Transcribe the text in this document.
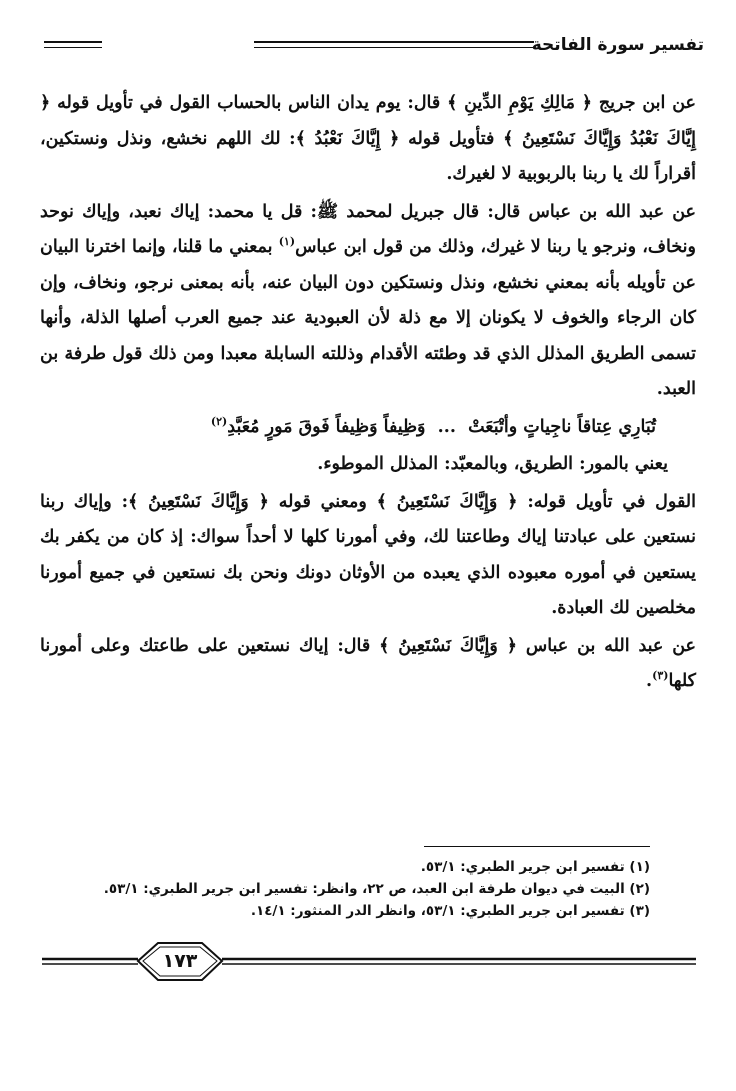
تفسير سورة الفاتحة

عن ابن جريج ﴿ مَالِكِ يَوْمِ الدِّينِ ﴾ قال: يوم يدان الناس بالحساب القول في تأويل قوله ﴿ إِيَّاكَ نَعْبُدُ وَإِيَّاكَ نَسْتَعِينُ ﴾ فتأويل قوله ﴿ إِيَّاكَ نَعْبُدُ ﴾: لك اللهم نخشع، ونذل ونستكين، أقراراً لك يا ربنا بالربوبية لا لغيرك.

عن عبد الله بن عباس قال: قال جبريل لمحمد ﷺ: قل يا محمد: إياك نعبد، وإياك نوحد ونخاف، ونرجو يا ربنا لا غيرك، وذلك من قول ابن عباس$^{(١)}$ بمعني ما قلنا، وإنما اخترنا البيان عن تأويله بأنه بمعني نخشع، ونذل ونستكين دون البيان عنه، بأنه بمعنى نرجو، ونخاف، وإن كان الرجاء والخوف لا يكونان إلا مع ذلة لأن العبودية عند جميع العرب أصلها الذلة، وأنها تسمى الطريق المذلل الذي قد وطئته الأقدام وذللته السابلة معبدا ومن ذلك قول طرفة بن العبد.

تُبَارِي عِتاقاً ناجِياتٍ وأتْبَعَتْ  ...  وَظِيفاً وَظِيفاً فَوقَ مَورٍ مُعَبَّدِ$^{(٢)}$

يعني بالمور: الطريق، وبالمعبّد: المذلل الموطوء.

القول في تأويل قوله: ﴿ وَإِيَّاكَ نَسْتَعِينُ ﴾ ومعني قوله ﴿ وَإِيَّاكَ نَسْتَعِينُ ﴾: وإياك ربنا نستعين على عبادتنا إياك وطاعتنا لك، وفي أمورنا كلها لا أحداً سواك: إذ كان من يكفر بك يستعين في أموره معبوده الذي يعبده من الأوثان دونك ونحن بك نستعين في جميع أمورنا مخلصين لك العبادة.

عن عبد الله بن عباس ﴿ وَإِيَّاكَ نَسْتَعِينُ ﴾ قال: إياك نستعين على طاعتك وعلى أمورنا كلها$^{(٣)}$.

(١) تفسير ابن جرير الطبري: ٥٣/١.

(٢) البيت في ديوان طرفة ابن العبد، ص ٢٢، وانظر: تفسير ابن جرير الطبري: ٥٣/١.

(٣) تفسير ابن جرير الطبري: ٥٣/١، وانظر الدر المنثور: ١٤/١.

١٧٣
